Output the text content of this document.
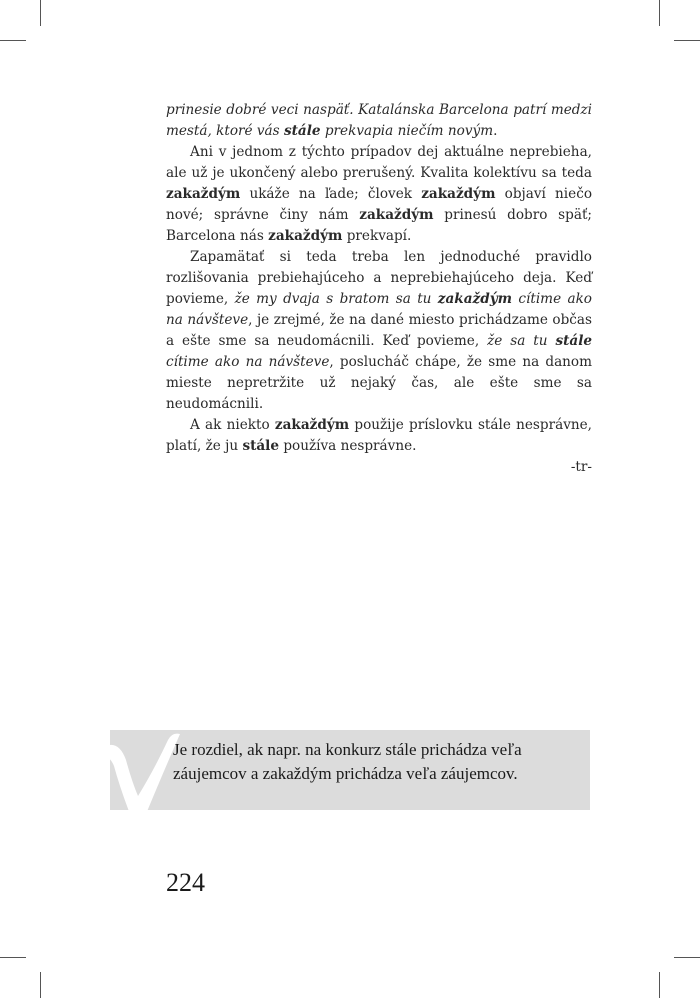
prinesie dobré veci naspäť. Katalánska Barcelona patrí medzi mestá, ktoré vás stále prekvapia niečím novým.

Ani v jednom z týchto prípadov dej aktuálne neprebieha, ale už je ukončený alebo prerušený. Kvalita kolektívu sa teda zakaždým ukáže na ľade; človek zakaždým objaví niečo nové; správne činy nám zakaždým prinesú dobro späť; Barcelona nás zakaždým prekvapí.

Zapamätať si teda treba len jednoduché pravidlo rozlišovania prebiehajúceho a neprebiehajúceho deja. Keď povieme, že my dvaja s bratom sa tu zakaždým cítime ako na návšteve, je zrejmé, že na dané miesto prichádzame občas a ešte sme sa neudomácnili. Keď povieme, že sa tu stále cítime ako na návšteve, poslucháč chápe, že sme na danom mieste nepretržite už nejaký čas, ale ešte sme sa neudomácnili.

A ak niekto zakaždým použije príslovku stále nesprávne, platí, že ju stále používa nesprávne.

-tr-

Je rozdiel, ak napr. na konkurz stále prichádza veľa záujemcov a zakaždým prichádza veľa záujemcov.
224
